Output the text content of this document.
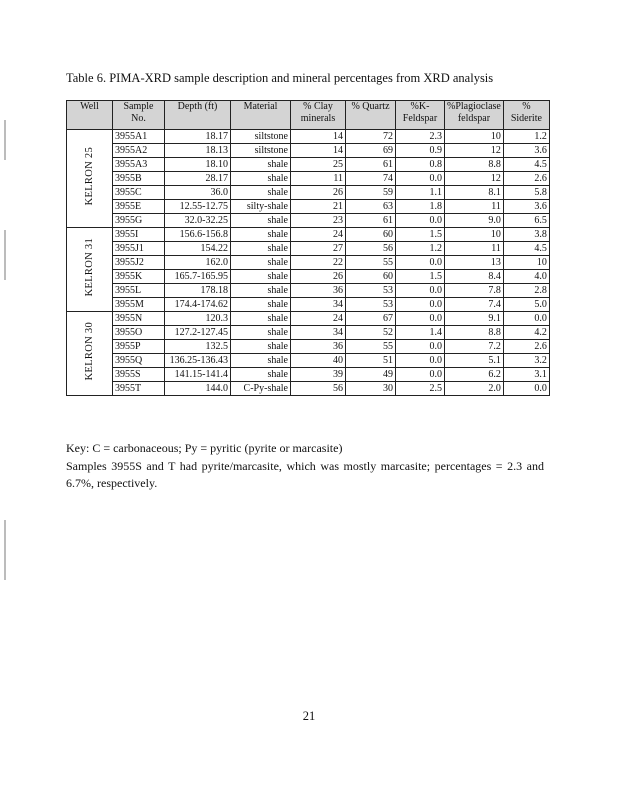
Table 6. PIMA-XRD sample description and mineral percentages from XRD analysis
Well	Sample No.	Depth (ft)	Material	% Clay minerals	% Quartz	%K-Feldspar	%Plagioclase feldspar	% Siderite
KELRON 25	3955A1	18.17	siltstone	14	72	2.3	10	1.2
	3955A2	18.13	siltstone	14	69	0.9	12	3.6
	3955A3	18.10	shale	25	61	0.8	8.8	4.5
	3955B	28.17	shale	11	74	0.0	12	2.6
	3955C	36.0	shale	26	59	1.1	8.1	5.8
	3955E	12.55-12.75	silty-shale	21	63	1.8	11	3.6
	3955G	32.0-32.25	shale	23	61	0.0	9.0	6.5
KELRON 31	3955I	156.6-156.8	shale	24	60	1.5	10	3.8
	3955J1	154.22	shale	27	56	1.2	11	4.5
	3955J2	162.0	shale	22	55	0.0	13	10
	3955K	165.7-165.95	shale	26	60	1.5	8.4	4.0
	3955L	178.18	shale	36	53	0.0	7.8	2.8
	3955M	174.4-174.62	shale	34	53	0.0	7.4	5.0
KELRON 30	3955N	120.3	shale	24	67	0.0	9.1	0.0
	3955O	127.2-127.45	shale	34	52	1.4	8.8	4.2
	3955P	132.5	shale	36	55	0.0	7.2	2.6
	3955Q	136.25-136.43	shale	40	51	0.0	5.1	3.2
	3955S	141.15-141.4	shale	39	49	0.0	6.2	3.1
	3955T	144.0	C-Py-shale	56	30	2.5	2.0	0.0
Key: C = carbonaceous; Py = pyritic (pyrite or marcasite)
Samples 3955S and T had pyrite/marcasite, which was mostly marcasite; percentages = 2.3 and 6.7%, respectively.
21
